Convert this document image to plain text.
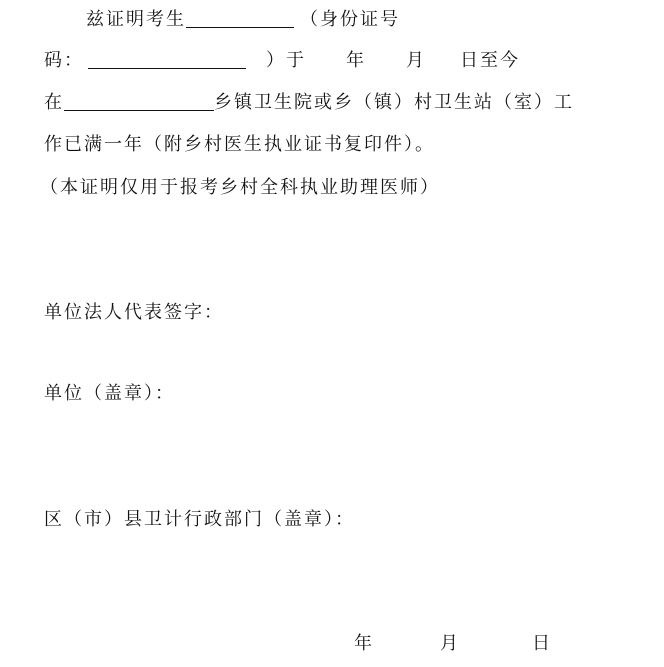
兹证明考生	（身份证号
码：	）于 年 月 日至今
在	乡镇卫生院或乡（镇）村卫生站（室）工
作已满一年（附乡村医生执业证书复印件）。
（本证明仅用于报考乡村全科执业助理医师）
单位法人代表签字：
单位（盖章）：
区（市）县卫计行政部门（盖章）：
年	月	日
